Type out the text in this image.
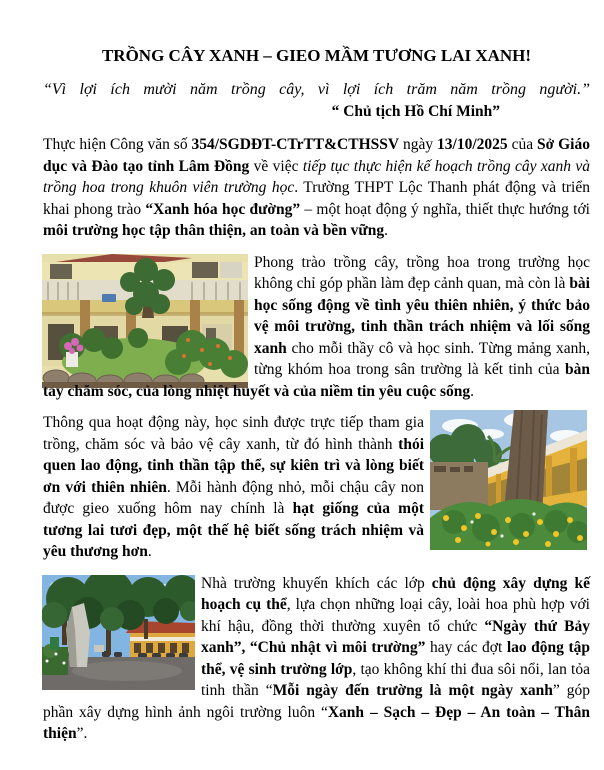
TRỒNG CÂY XANH – GIEO MẦM TƯƠNG LAI XANH!

“Vì lợi ích mười năm trồng cây, vì lợi ích trăm năm trồng người.”

“ Chủ tịch Hồ Chí Minh”

Thực hiện Công văn số 354/SGDĐT-CTrTT&CTHSSV ngày 13/10/2025 của Sở Giáo dục và Đào tạo tỉnh Lâm Đồng về việc tiếp tục thực hiện kế hoạch trồng cây xanh và trồng hoa trong khuôn viên trường học. Trường THPT Lộc Thanh phát động và triển khai phong trào “Xanh hóa học đường” – một hoạt động ý nghĩa, thiết thực hướng tới môi trường học tập thân thiện, an toàn và bền vững.

Phong trào trồng cây, trồng hoa trong trường học không chỉ góp phần làm đẹp cảnh quan, mà còn là bài học sống động về tình yêu thiên nhiên, ý thức bảo vệ môi trường, tinh thần trách nhiệm và lối sống xanh cho mỗi thầy cô và học sinh. Từng mảng xanh, từng khóm hoa trong sân trường là kết tinh của bàn tay chăm sóc, của lòng nhiệt huyết và của niềm tin yêu cuộc sống.

Thông qua hoạt động này, học sinh được trực tiếp tham gia trồng, chăm sóc và bảo vệ cây xanh, từ đó hình thành thói quen lao động, tinh thần tập thể, sự kiên trì và lòng biết ơn với thiên nhiên. Mỗi hành động nhỏ, mỗi chậu cây non được gieo xuống hôm nay chính là hạt giống của một tương lai tươi đẹp, một thế hệ biết sống trách nhiệm và yêu thương hơn.

Nhà trường khuyến khích các lớp chủ động xây dựng kế hoạch cụ thể, lựa chọn những loại cây, loài hoa phù hợp với khí hậu, đồng thời thường xuyên tổ chức “Ngày thứ Bảy xanh”, “Chủ nhật vì môi trường” hay các đợt lao động tập thể, vệ sinh trường lớp, tạo không khí thi đua sôi nổi, lan tỏa tinh thần “Mỗi ngày đến trường là một ngày xanh” góp phần xây dựng hình ảnh ngôi trường luôn “Xanh – Sạch – Đẹp – An toàn – Thân thiện”.
